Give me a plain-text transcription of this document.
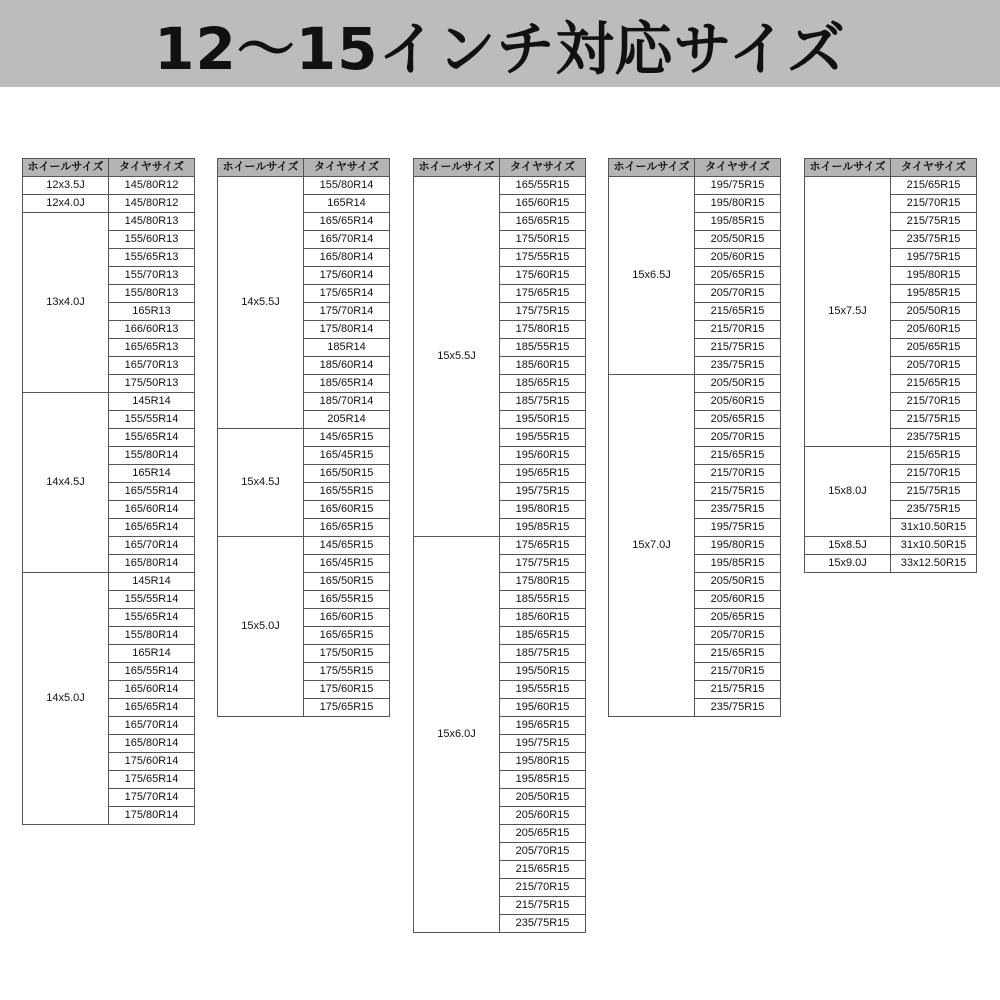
12〜15インチ対応サイズ
ホイールサイズ	タイヤサイズ
12x3.5J	145/80R12
12x4.0J	145/80R12
13x4.0J	145/80R13
	155/60R13
	155/65R13
	155/70R13
	155/80R13
	165R13
	166/60R13
	165/65R13
	165/70R13
	175/50R13
14x4.5J	145R14
	155/55R14
	155/65R14
	155/80R14
	165R14
	165/55R14
	165/60R14
	165/65R14
	165/70R14
	165/80R14
14x5.0J	145R14
	155/55R14
	155/65R14
	155/80R14
	165R14
	165/55R14
	165/60R14
	165/65R14
	165/70R14
	165/80R14
	175/60R14
	175/65R14
	175/70R14
	175/80R14
ホイールサイズ	タイヤサイズ
14x5.5J	155/80R14
	165R14
	165/65R14
	165/70R14
	165/80R14
	175/60R14
	175/65R14
	175/70R14
	175/80R14
	185R14
	185/60R14
	185/65R14
	185/70R14
	205R14
15x4.5J	145/65R15
	165/45R15
	165/50R15
	165/55R15
	165/60R15
	165/65R15
15x5.0J	145/65R15
	165/45R15
	165/50R15
	165/55R15
	165/60R15
	165/65R15
	175/50R15
	175/55R15
	175/60R15
	175/65R15
ホイールサイズ	タイヤサイズ
15x5.5J	165/55R15
	165/60R15
	165/65R15
	175/50R15
	175/55R15
	175/60R15
	175/65R15
	175/75R15
	175/80R15
	185/55R15
	185/60R15
	185/65R15
	185/75R15
	195/50R15
	195/55R15
	195/60R15
	195/65R15
	195/75R15
	195/80R15
	195/85R15
15x6.0J	175/65R15
	175/75R15
	175/80R15
	185/55R15
	185/60R15
	185/65R15
	185/75R15
	195/50R15
	195/55R15
	195/60R15
	195/65R15
	195/75R15
	195/80R15
	195/85R15
	205/50R15
	205/60R15
	205/65R15
	205/70R15
	215/65R15
	215/70R15
	215/75R15
	235/75R15
ホイールサイズ	タイヤサイズ
15x6.5J	195/75R15
	195/80R15
	195/85R15
	205/50R15
	205/60R15
	205/65R15
	205/70R15
	215/65R15
	215/70R15
	215/75R15
	235/75R15
15x7.0J	205/50R15
	205/60R15
	205/65R15
	205/70R15
	215/65R15
	215/70R15
	215/75R15
	235/75R15
	195/75R15
	195/80R15
	195/85R15
	205/50R15
	205/60R15
	205/65R15
	205/70R15
	215/65R15
	215/70R15
	215/75R15
	235/75R15
ホイールサイズ	タイヤサイズ
15x7.5J	215/65R15
	215/70R15
	215/75R15
	235/75R15
	195/75R15
	195/80R15
	195/85R15
	205/50R15
	205/60R15
	205/65R15
	205/70R15
	215/65R15
	215/70R15
	215/75R15
	235/75R15
15x8.0J	215/65R15
	215/70R15
	215/75R15
	235/75R15
	31x10.50R15
15x8.5J	31x10.50R15
15x9.0J	33x12.50R15
